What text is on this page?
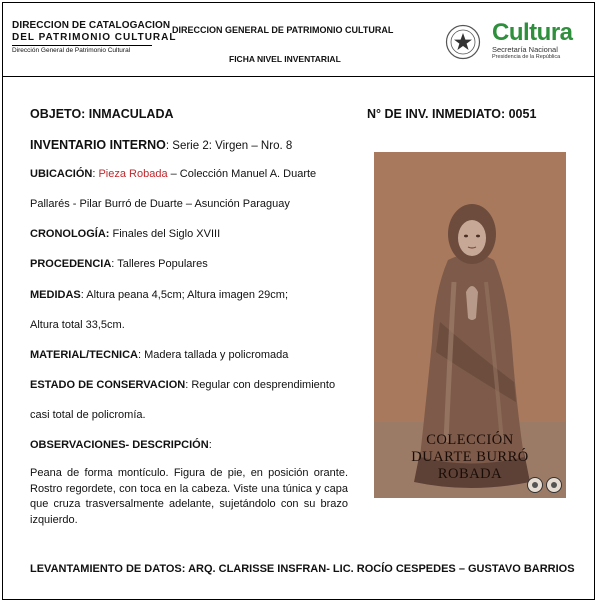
DIRECCION DE CATALOGACION
DEL PATRIMONIO CULTURAL
Dirección General de Patrimonio Cultural
DIRECCION GENERAL DE PATRIMONIO CULTURAL
FICHA NIVEL INVENTARIAL
Cultura
Secretaría Nacional
Presidencia de la República
OBJETO: INMACULADA	N° DE INV. INMEDIATO: 0051
INVENTARIO INTERNO: Serie 2: Virgen – Nro. 8
UBICACIÓN: Pieza Robada – Colección Manuel A. Duarte
Pallarés - Pilar Burró de Duarte – Asunción Paraguay
CRONOLOGÍA: Finales del Siglo XVIII
PROCEDENCIA: Talleres Populares
MEDIDAS: Altura peana 4,5cm; Altura imagen 29cm;
Altura total 33,5cm.
MATERIAL/TECNICA: Madera tallada y policromada
ESTADO DE CONSERVACION: Regular con desprendimiento
casi total de policromía.
OBSERVACIONES- DESCRIPCIÓN:
Peana de forma montículo. Figura de pie, en posición orante. Rostro regordete, con toca en la cabeza. Viste una túnica y capa que cruza trasversalmente adelante, sujetándolo con su brazo izquierdo.
COLECCIÓN
DUARTE BURRÓ
ROBADA
LEVANTAMIENTO DE DATOS: ARQ. CLARISSE INSFRAN- LIC. ROCÍO CESPEDES – GUSTAVO BARRIOS
